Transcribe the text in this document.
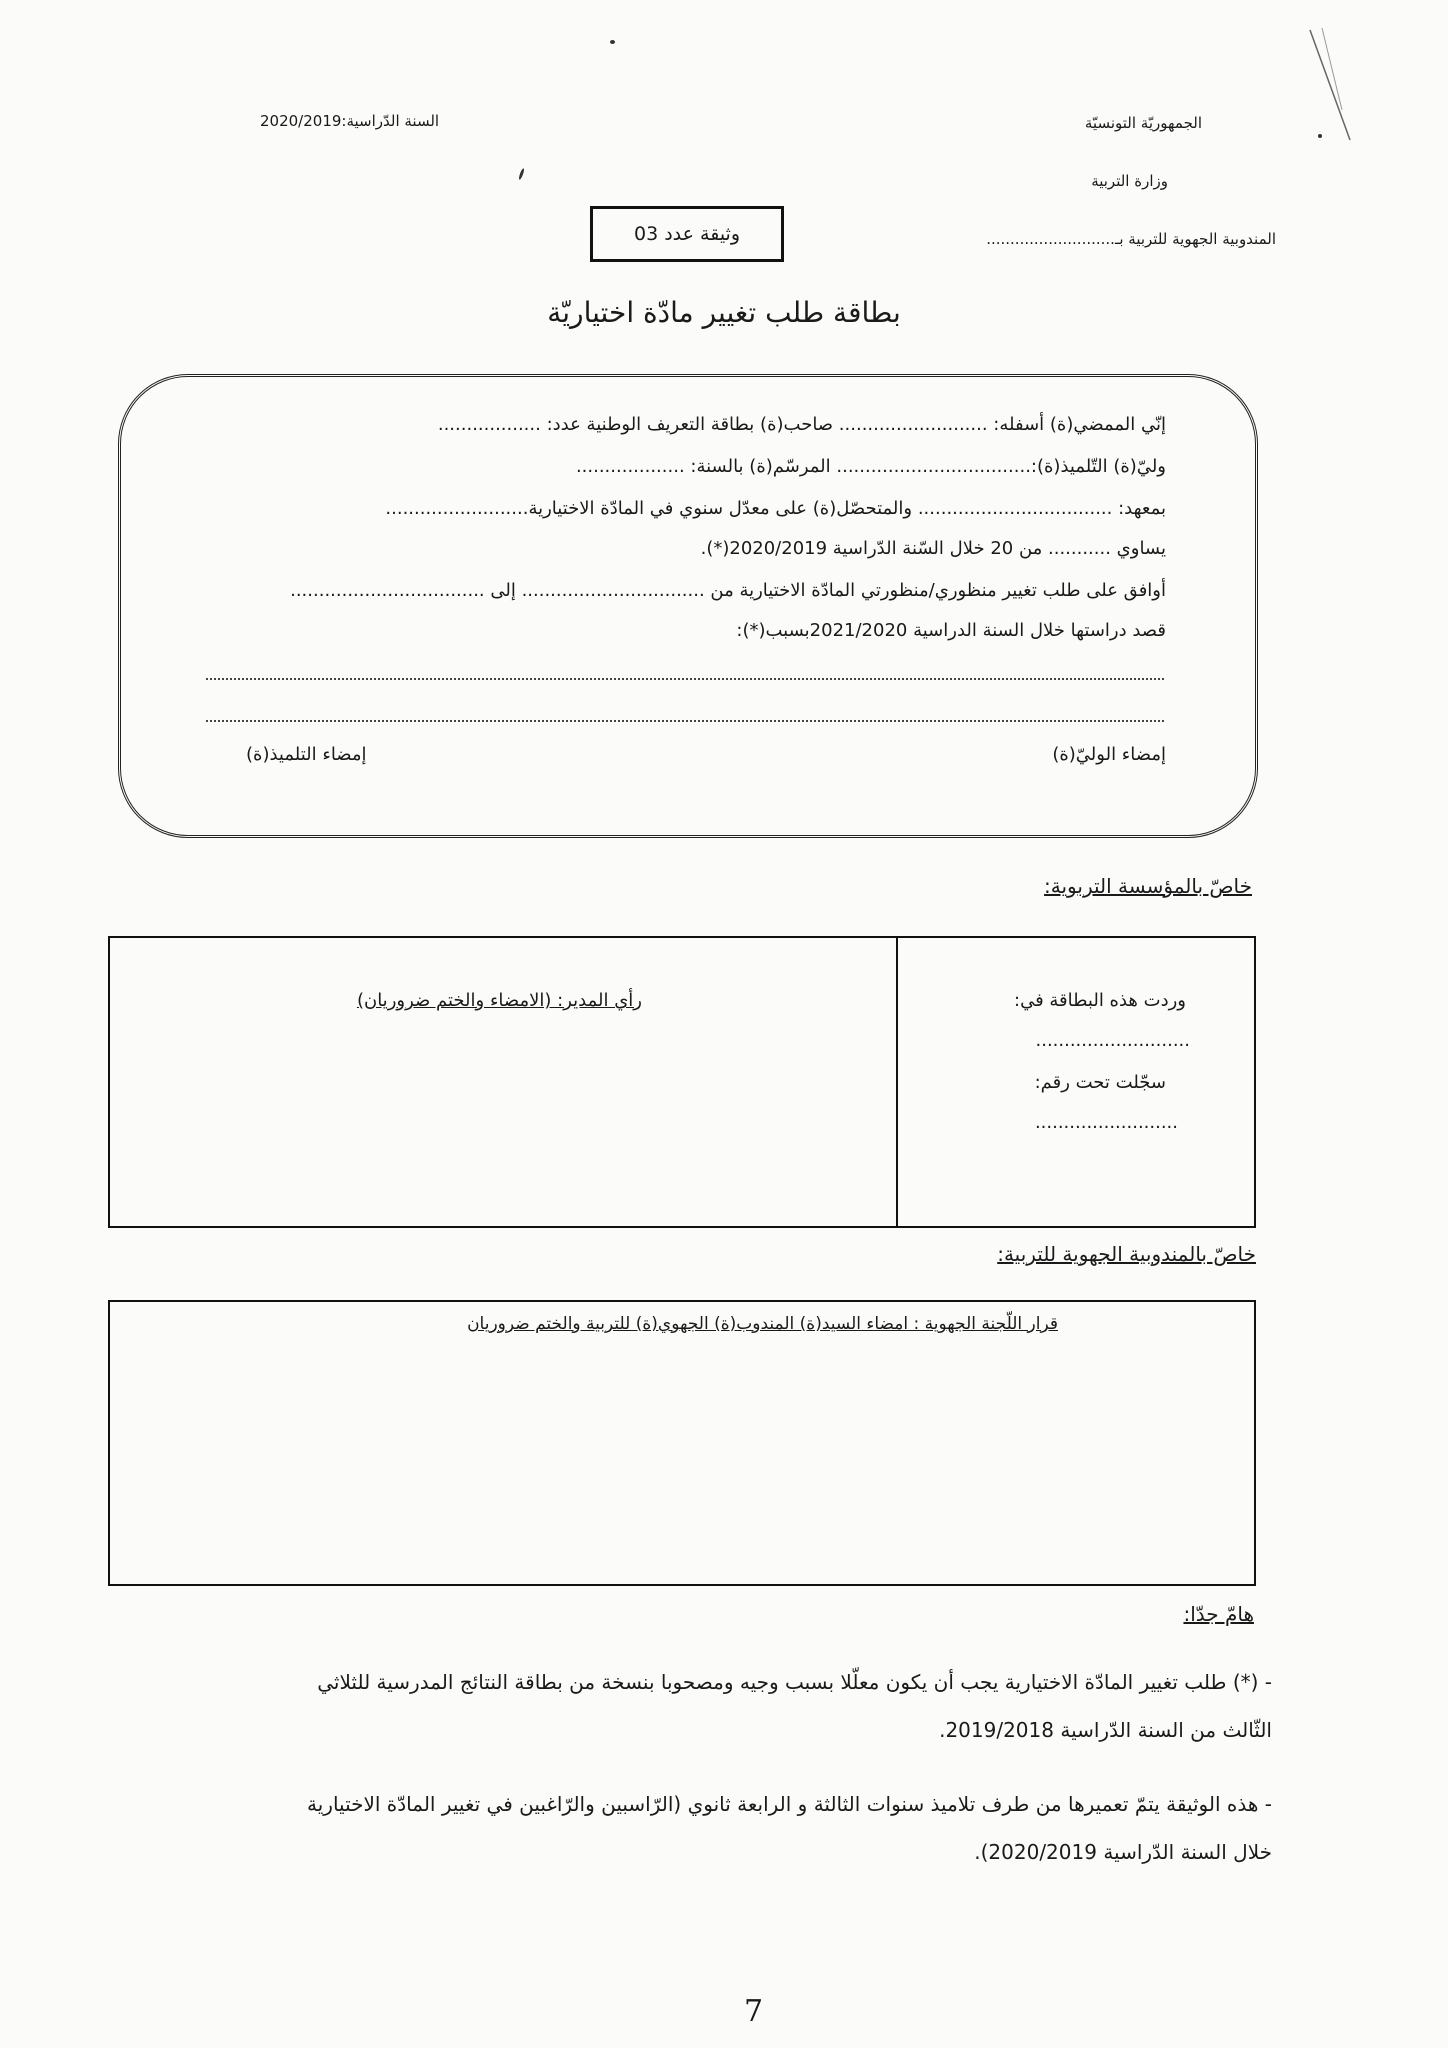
الجمهوريّة التونسيّة
وزارة التربية
المندوبية الجهوية للتربية بـ...........................
السنة الدّراسية:2020/2019
وثيقة عدد 03
بطاقة طلب تغيير مادّة اختياريّة
إنّي الممضي(ة) أسفله: .......................... صاحب(ة) بطاقة التعريف الوطنية عدد: ..................
وليّ(ة) التّلميذ(ة):.................................. المرسّم(ة) بالسنة: ...................
بمعهد: .................................. والمتحصّل(ة) على معدّل سنوي في المادّة الاختيارية.........................
يساوي ........... من 20 خلال السّنة الدّراسية 2020/2019(*).
أوافق على طلب تغيير منظوري/منظورتي المادّة الاختيارية من ................................ إلى ..................................
قصد دراستها خلال السنة الدراسية 2021/2020بسبب(*):
إمضاء الوليّ(ة)
إمضاء التلميذ(ة)
خاصّ بالمؤسسة التربوية:
وردت هذه البطاقة في:
...........................
سجّلت تحت رقم:
.........................
رأي المدير: (الامضاء والختم ضروريان)
خاصّ بالمندوبية الجهوية للتربية:
قرار اللّجنة الجهوية : امضاء السيد(ة) المندوب(ة) الجهوي(ة) للتربية والختم ضروريان
هامّ جدّا:
- (*) طلب تغيير المادّة الاختيارية يجب أن يكون معلّلا بسبب وجيه ومصحوبا بنسخة من بطاقة النتائج المدرسية للثلاثي
الثّالث من السنة الدّراسية 2019/2018.
- هذه الوثيقة يتمّ تعميرها من طرف تلاميذ سنوات الثالثة و الرابعة ثانوي (الرّاسبين والرّاغبين في تغيير المادّة الاختيارية
خلال السنة الدّراسية 2020/2019).
7
